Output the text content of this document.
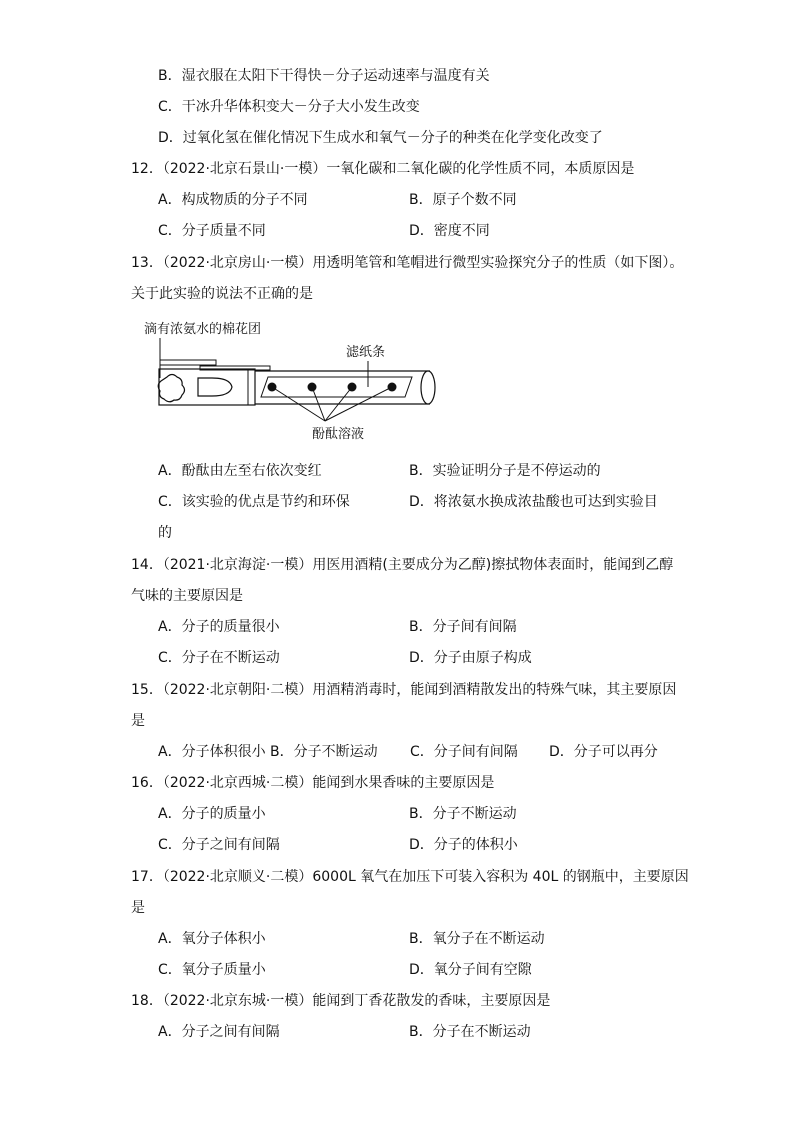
B．湿衣服在太阳下干得快－分子运动速率与温度有关
C．干冰升华体积变大－分子大小发生改变
D．过氧化氢在催化情况下生成水和氧气－分子的种类在化学变化改变了
12．（2022·北京石景山·一模）一氧化碳和二氧化碳的化学性质不同，本质原因是
A．构成物质的分子不同	B．原子个数不同
C．分子质量不同	D．密度不同
13．（2022·北京房山·一模）用透明笔管和笔帽进行微型实验探究分子的性质（如下图）。
关于此实验的说法不正确的是
滴有浓氨水的棉花团
滤纸条
酚酞溶液
A．酚酞由左至右依次变红	B．实验证明分子是不停运动的
C．该实验的优点是节约和环保	D．将浓氨水换成浓盐酸也可达到实验目
的
14．（2021·北京海淀·一模）用医用酒精(主要成分为乙醇)擦拭物体表面时，能闻到乙醇
气味的主要原因是
A．分子的质量很小	B．分子间有间隔
C．分子在不断运动	D．分子由原子构成
15．（2022·北京朝阳·二模）用酒精消毒时，能闻到酒精散发出的特殊气味，其主要原因
是
A．分子体积很小 B．分子不断运动 C．分子间有间隔 D．分子可以再分
16．（2022·北京西城·二模）能闻到水果香味的主要原因是
A．分子的质量小	B．分子不断运动
C．分子之间有间隔	D．分子的体积小
17．（2022·北京顺义·二模）6000L 氧气在加压下可装入容积为 40L 的钢瓶中，主要原因
是
A．氧分子体积小	B．氧分子在不断运动
C．氧分子质量小	D．氧分子间有空隙
18．（2022·北京东城·一模）能闻到丁香花散发的香味，主要原因是
A．分子之间有间隔	B．分子在不断运动
